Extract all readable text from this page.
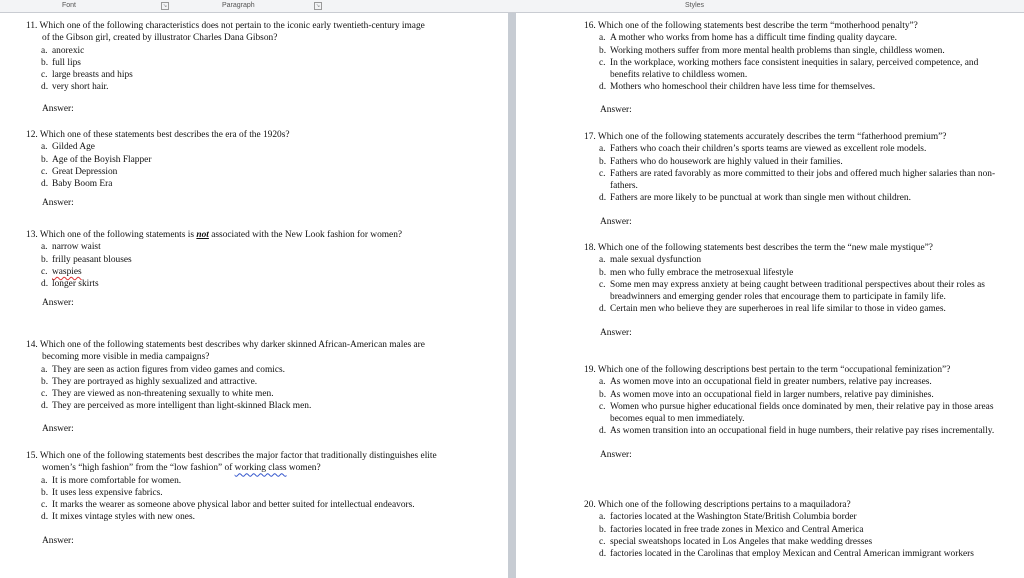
Font	↘	Paragraph	↘	Styles
11. Which one of the following characteristics does not pertain to the iconic early twentieth-century image of the Gibson girl, created by illustrator Charles Dana Gibson?
a. anorexic
b. full lips
c. large breasts and hips
d. very short hair.
Answer:
12. Which one of these statements best describes the era of the 1920s?
a. Gilded Age
b. Age of the Boyish Flapper
c. Great Depression
d. Baby Boom Era
Answer:
13. Which one of the following statements is not associated with the New Look fashion for women?
a. narrow waist
b. frilly peasant blouses
c. waspies
d. longer skirts
Answer:
14. Which one of the following statements best describes why darker skinned African-American males are becoming more visible in media campaigns?
a. They are seen as action figures from video games and comics.
b. They are portrayed as highly sexualized and attractive.
c. They are viewed as non-threatening sexually to white men.
d. They are perceived as more intelligent than light-skinned Black men.
Answer:
15. Which one of the following statements best describes the major factor that traditionally distinguishes elite women’s “high fashion” from the “low fashion” of working class women?
a. It is more comfortable for women.
b. It uses less expensive fabrics.
c. It marks the wearer as someone above physical labor and better suited for intellectual endeavors.
d. It mixes vintage styles with new ones.
Answer:
16. Which one of the following statements best describe the term “motherhood penalty”?
a. A mother who works from home has a difficult time finding quality daycare.
b. Working mothers suffer from more mental health problems than single, childless women.
c. In the workplace, working mothers face consistent inequities in salary, perceived competence, and benefits relative to childless women.
d. Mothers who homeschool their children have less time for themselves.
Answer:
17. Which one of the following statements accurately describes the term “fatherhood premium”?
a. Fathers who coach their children’s sports teams are viewed as excellent role models.
b. Fathers who do housework are highly valued in their families.
c. Fathers are rated favorably as more committed to their jobs and offered much higher salaries than non-fathers.
d. Fathers are more likely to be punctual at work than single men without children.
Answer:
18. Which one of the following statements best describes the term the “new male mystique”?
a. male sexual dysfunction
b. men who fully embrace the metrosexual lifestyle
c. Some men may express anxiety at being caught between traditional perspectives about their roles as breadwinners and emerging gender roles that encourage them to participate in family life.
d. Certain men who believe they are superheroes in real life similar to those in video games.
Answer:
19. Which one of the following descriptions best pertain to the term “occupational feminization”?
a. As women move into an occupational field in greater numbers, relative pay increases.
b. As women move into an occupational field in larger numbers, relative pay diminishes.
c. Women who pursue higher educational fields once dominated by men, their relative pay in those areas becomes equal to men immediately.
d. As women transition into an occupational field in huge numbers, their relative pay rises incrementally.
Answer:
20. Which one of the following descriptions pertains to a maquiladora?
a. factories located at the Washington State/British Columbia border
b. factories located in free trade zones in Mexico and Central America
c. special sweatshops located in Los Angeles that make wedding dresses
d. factories located in the Carolinas that employ Mexican and Central American immigrant workers
